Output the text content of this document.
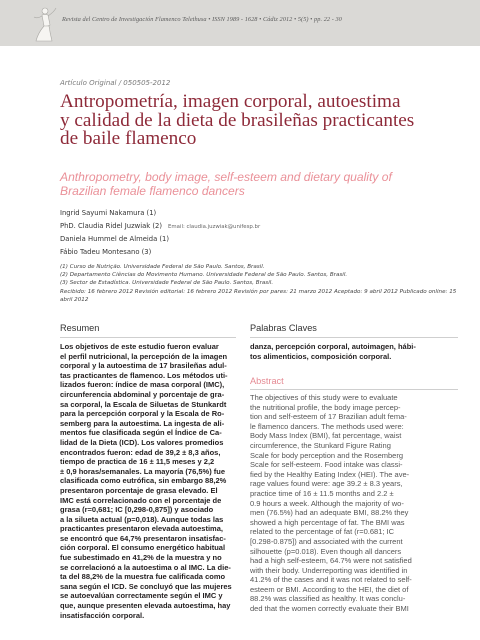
Revista del Centro de Investigación Flamenco Telethusa • ISSN 1989 - 1628 • Cádiz 2012 • 5(5) • pp. 22 - 30
Artículo Original / 050505-2012
Antropometría, imagen corporal, autoestima
y calidad de la dieta de brasileñas practicantes
de baile flamenco
Anthropometry, body image, self-esteem and dietary quality of
Brazilian female flamenco dancers
Ingrid Sayumi Nakamura (1)
PhD. Claudia Ridel Juzwiak (2) Email: claudia.juzwiak@unifesp.br
Daniela Hummel de Almeida (1)
Fábio Tadeu Montesano (3)
(1) Curso de Nutrição. Universidade Federal de São Paulo. Santos, Brasil.
(2) Departamento Ciências do Movimento Humano. Universidade Federal de São Paulo. Santos, Brasil.
(3) Sector de Estadística. Universidade Federal de São Paulo. Santos, Brasil.
Recibido: 16 febrero 2012 Revisión editorial: 16 febrero 2012 Revisión por pares: 21 marzo 2012 Aceptado: 9 abril 2012 Publicado online: 15
abril 2012
Resumen	Palabras Claves
Abstract
Los objetivos de este estudio fueron evaluar
el perfil nutricional, la percepción de la imagen
corporal y la autoestima de 17 brasileñas adul-
tas practicantes de flamenco. Los métodos uti-
lizados fueron: índice de masa corporal (IMC),
circunferencia abdominal y porcentaje de gra-
sa corporal, la Escala de Siluetas de Stunkardt
para la percepción corporal y la Escala de Ro-
semberg para la autoestima. La ingesta de ali-
mentos fue clasificada según el Índice de Ca-
lidad de la Dieta (ICD). Los valores promedios
encontrados fueron: edad de 39,2 ± 8,3 años,
tiempo de practica de 16 ± 11,5 meses y 2,2
± 0,9 horas/semanales. La mayoría (76,5%) fue
clasificada como eutrófica, sin embargo 88,2%
presentaron porcentaje de grasa elevado. El
IMC está correlacionado con el porcentaje de
grasa (r=0,681; IC [0,298-0,875]) y asociado
a la silueta actual (p=0,018). Aunque todas las
practicantes presentaron elevada autoestima,
se encontró que 64,7% presentaron insatisfac-
ción corporal. El consumo energético habitual
fue subestimado en 41,2% de la muestra y no
se correlacionó a la autoestima o al IMC. La die-
ta del 88,2% de la muestra fue calificada como
sana según el ICD. Se concluyó que las mujeres
se autoevalúan correctamente según el IMC y
que, aunque presenten elevada autoestima, hay
insatisfacción corporal.
danza, percepción corporal, autoimagen, hábi-
tos alimenticios, composición corporal.
The objectives of this study were to evaluate
the nutritional profile, the body image percep-
tion and self-esteem of 17 Brazilian adult fema-
le flamenco dancers. The methods used were:
Body Mass Index (BMI), fat percentage, waist
circumference, the Stunkard Figure Rating
Scale for body perception and the Rosemberg
Scale for self-esteem. Food intake was classi-
fied by the Healthy Eating Index (HEI). The ave-
rage values found were: age 39.2 ± 8.3 years,
practice time of 16 ± 11.5 months and 2.2 ±
0.9 hours a week. Although the majority of wo-
men (76.5%) had an adequate BMI, 88.2% they
showed a high percentage of fat. The BMI was
related to the percentage of fat (r=0.681; IC
[0.298-0.875]) and associated with the current
silhouette (p=0.018). Even though all dancers
had a high self-esteem, 64.7% were not satisfied
with their body. Underreporting was identified in
41.2% of the cases and it was not related to self-
esteem or BMI. According to the HEI, the diet of
88.2% was classified as healthy. It was conclu-
ded that the women correctly evaluate their BMI
